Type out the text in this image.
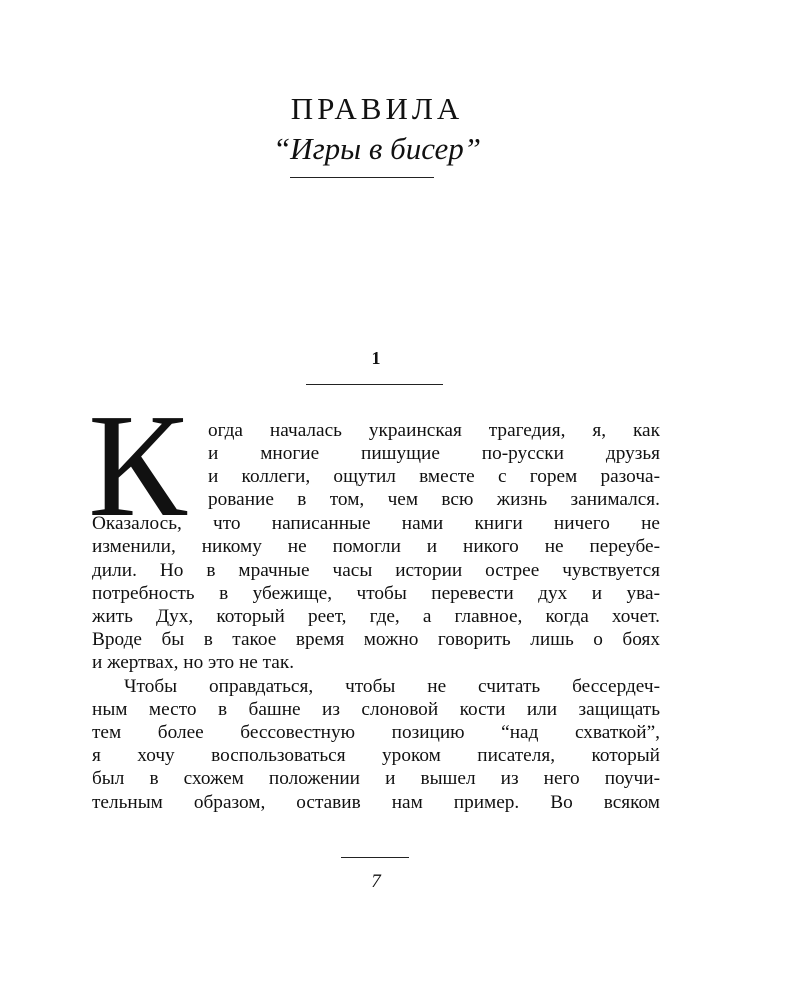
ПРАВИЛА
“Игры в бисер”
1
К огда началась украинская трагедия, я, как
и многие пишущие по-русски друзья
и коллеги, ощутил вместе с горем разоча-
рование в том, чем всю жизнь занимался.
Оказалось, что написанные нами книги ничего не
изменили, никому не помогли и никого не переубе-
дили. Но в мрачные часы истории острее чувствуется
потребность в убежище, чтобы перевести дух и ува-
жить Дух, который реет, где, а главное, когда хочет.
Вроде бы в такое время можно говорить лишь о боях
и жертвах, но это не так.
Чтобы оправдаться, чтобы не считать бессердеч-
ным место в башне из слоновой кости или защищать
тем более бессовестную позицию “над схваткой”,
я хочу воспользоваться уроком писателя, который
был в схожем положении и вышел из него поучи-
тельным образом, оставив нам пример. Во всяком
7
